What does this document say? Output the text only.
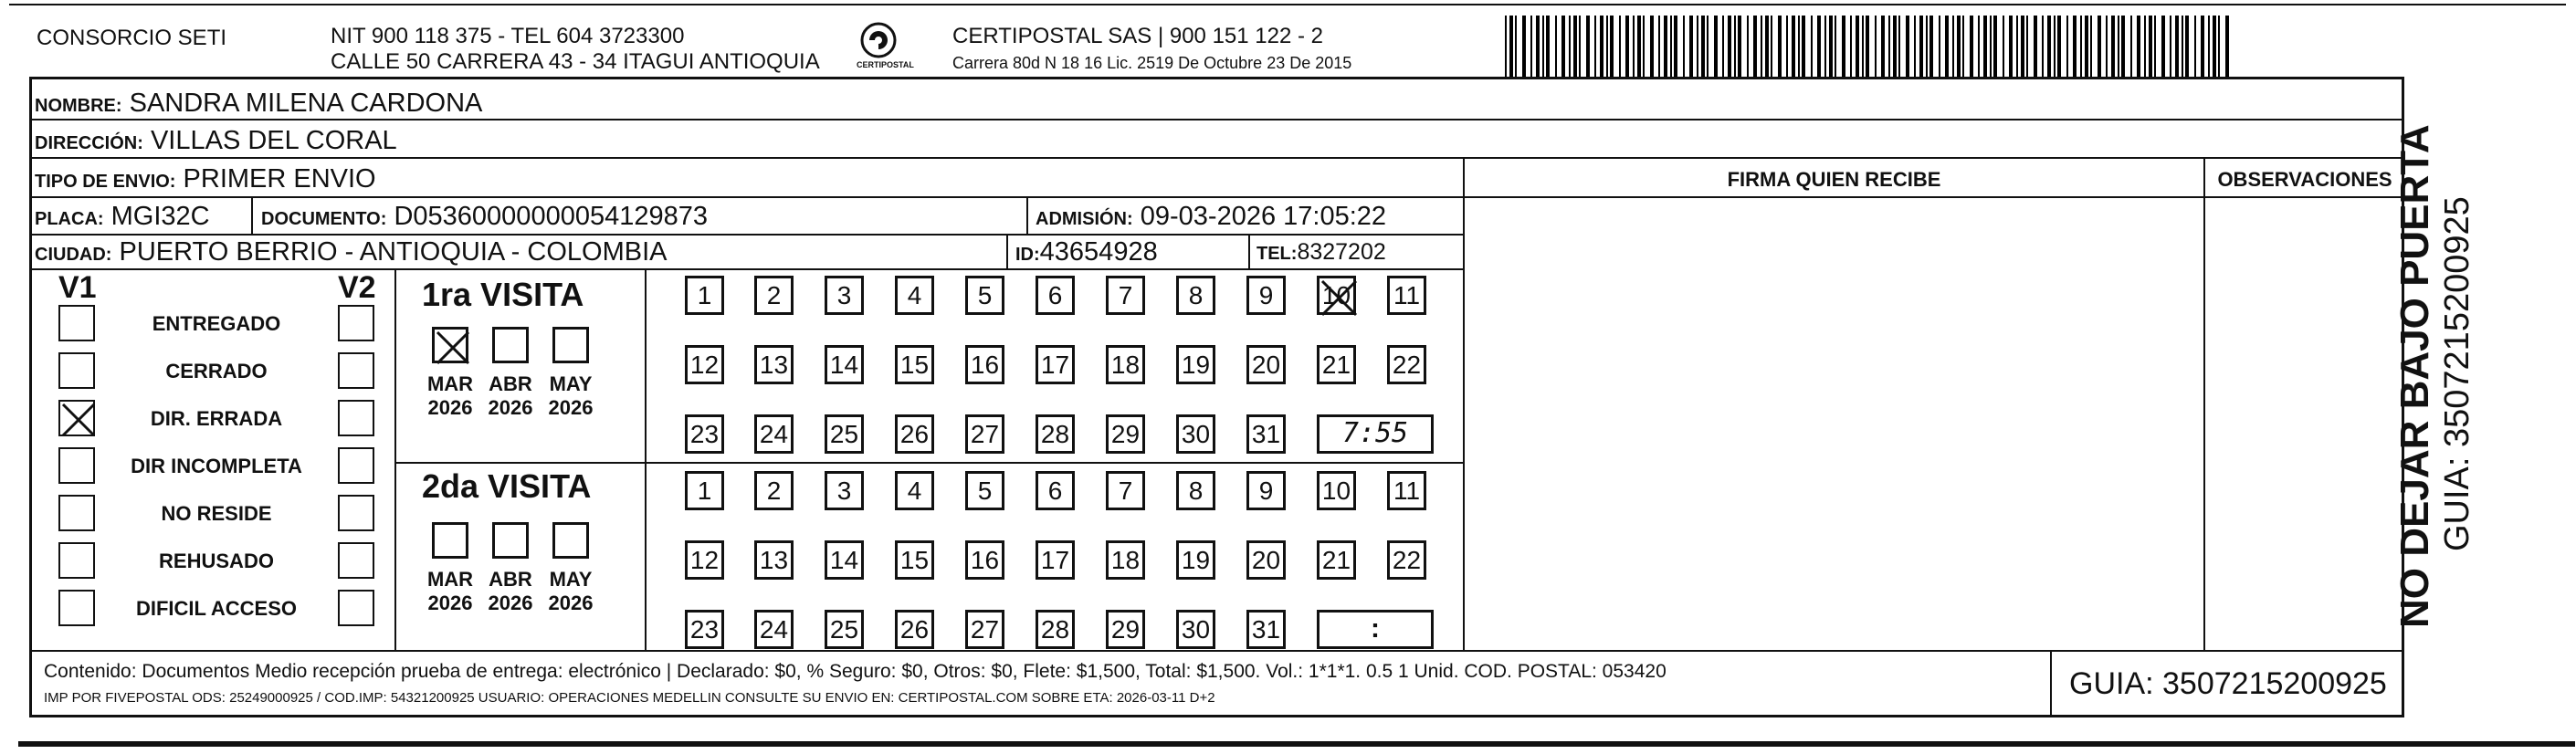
CONSORCIO SETI	NIT 900 118 375 - TEL 604 3723300
CALLE 50 CARRERA 43 - 34 ITAGUI ANTIOQUIA	CERTIPOSTAL
CERTIPOSTAL SAS | 900 151 122 - 2
Carrera 80d N 18 16 Lic. 2519 De Octubre 23 De 2015
NOMBRE: SANDRA MILENA CARDONA
DIRECCIÓN: VILLAS DEL CORAL
TIPO DE ENVIO: PRIMER ENVIO
PLACA: MGI32C	DOCUMENTO: D05360000000054129873	ADMISIÓN: 09-03-2026 17:05:22
CIUDAD: PUERTO BERRIO - ANTIOQUIA - COLOMBIA	ID:43654928	TEL:8327202
FIRMA QUIEN RECIBE	OBSERVACIONES
V1	V2
ENTREGADO
CERRADO
DIR. ERRADA
DIR INCOMPLETA
NO RESIDE
REHUSADO
DIFICIL ACCESO
1ra VISITA
2da VISITA
MAR
2026
ABR
2026
MAY
2026
1	2	3	4	5	6	7	8	9	10 11
12 13 14 15 16 17 18 19 20 21 22
23 24 25 26 27 28 29 30 31	7:55
MAR
2026
ABR
2026
MAY
2026
1	2	3	4	5	6	7	8	9	10 11
12 13 14 15 16 17 18 19 20 21 22
23 24 25 26 27 28 29 30 31	:
NO DEJAR BAJO PUERTA GUIA: 3507215200925
Contenido: Documentos Medio recepción prueba de entrega: electrónico | Declarado: $0, % Seguro: $0, Otros: $0, Flete: $1,500, Total: $1,500. Vol.: 1*1*1. 0.5 1 Unid. COD. POSTAL: 053420
IMP POR FIVEPOSTAL ODS: 25249000925 / COD.IMP: 54321200925 USUARIO: OPERACIONES MEDELLIN CONSULTE SU ENVIO EN: CERTIPOSTAL.COM SOBRE ETA: 2026-03-11 D+2	GUIA: 3507215200925
